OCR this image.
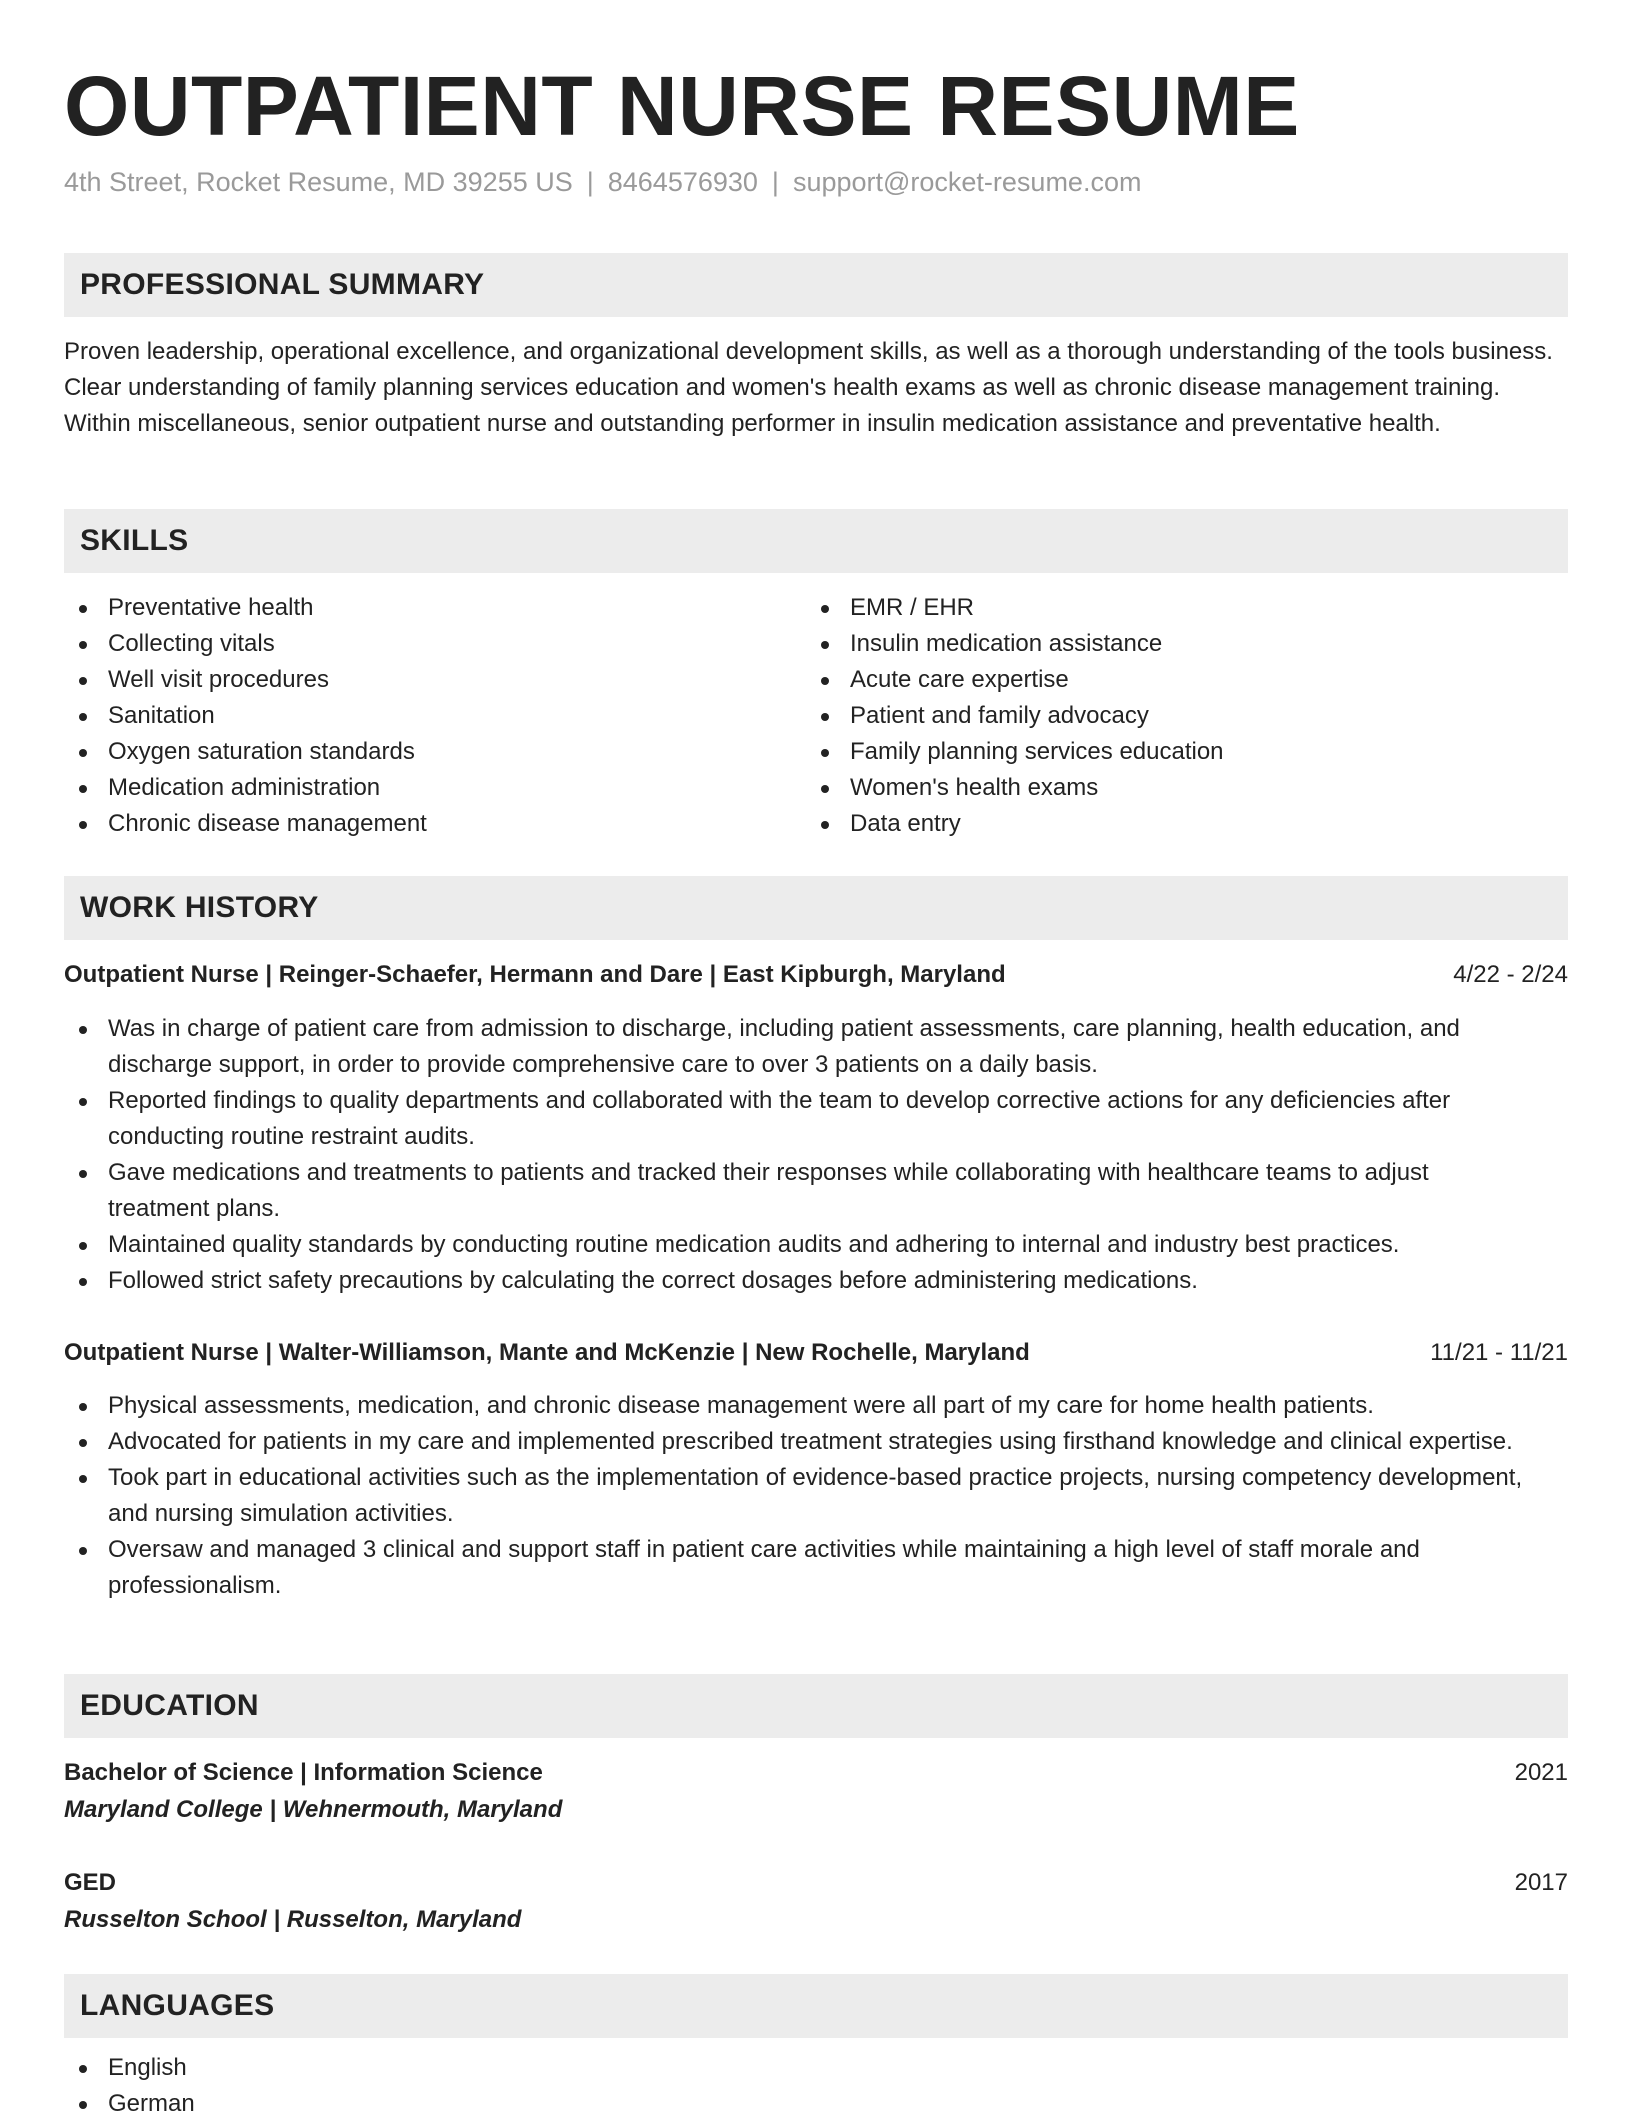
OUTPATIENT NURSE RESUME
4th Street, Rocket Resume, MD 39255 US | 8464576930 | support@rocket-resume.com
PROFESSIONAL SUMMARY

Proven leadership, operational excellence, and organizational development skills, as well as a thorough understanding of the tools business. Clear understanding of family planning services education and women's health exams as well as chronic disease management training. Within miscellaneous, senior outpatient nurse and outstanding performer in insulin medication assistance and preventative health.

SKILLS
Preventative health
Collecting vitals
Well visit procedures
Sanitation
Oxygen saturation standards
Medication administration
Chronic disease management
EMR / EHR
Insulin medication assistance
Acute care expertise
Patient and family advocacy
Family planning services education
Women's health exams
Data entry
WORK HISTORY
Outpatient Nurse | Reinger-Schaefer, Hermann and Dare | East Kipburgh, Maryland	4/22 - 2/24
Was in charge of patient care from admission to discharge, including patient assessments, care planning, health education, and discharge support, in order to provide comprehensive care to over 3 patients on a daily basis.
Reported findings to quality departments and collaborated with the team to develop corrective actions for any deficiencies after conducting routine restraint audits.
Gave medications and treatments to patients and tracked their responses while collaborating with healthcare teams to adjust treatment plans.
Maintained quality standards by conducting routine medication audits and adhering to internal and industry best practices.
Followed strict safety precautions by calculating the correct dosages before administering medications.
Outpatient Nurse | Walter-Williamson, Mante and McKenzie | New Rochelle, Maryland	11/21 - 11/21
Physical assessments, medication, and chronic disease management were all part of my care for home health patients.
Advocated for patients in my care and implemented prescribed treatment strategies using firsthand knowledge and clinical expertise.
Took part in educational activities such as the implementation of evidence-based practice projects, nursing competency development, and nursing simulation activities.
Oversaw and managed 3 clinical and support staff in patient care activities while maintaining a high level of staff morale and professionalism.
EDUCATION
Bachelor of Science | Information Science	2021
Maryland College | Wehnermouth, Maryland
GED	2017
Russelton School | Russelton, Maryland
LANGUAGES
English
German
